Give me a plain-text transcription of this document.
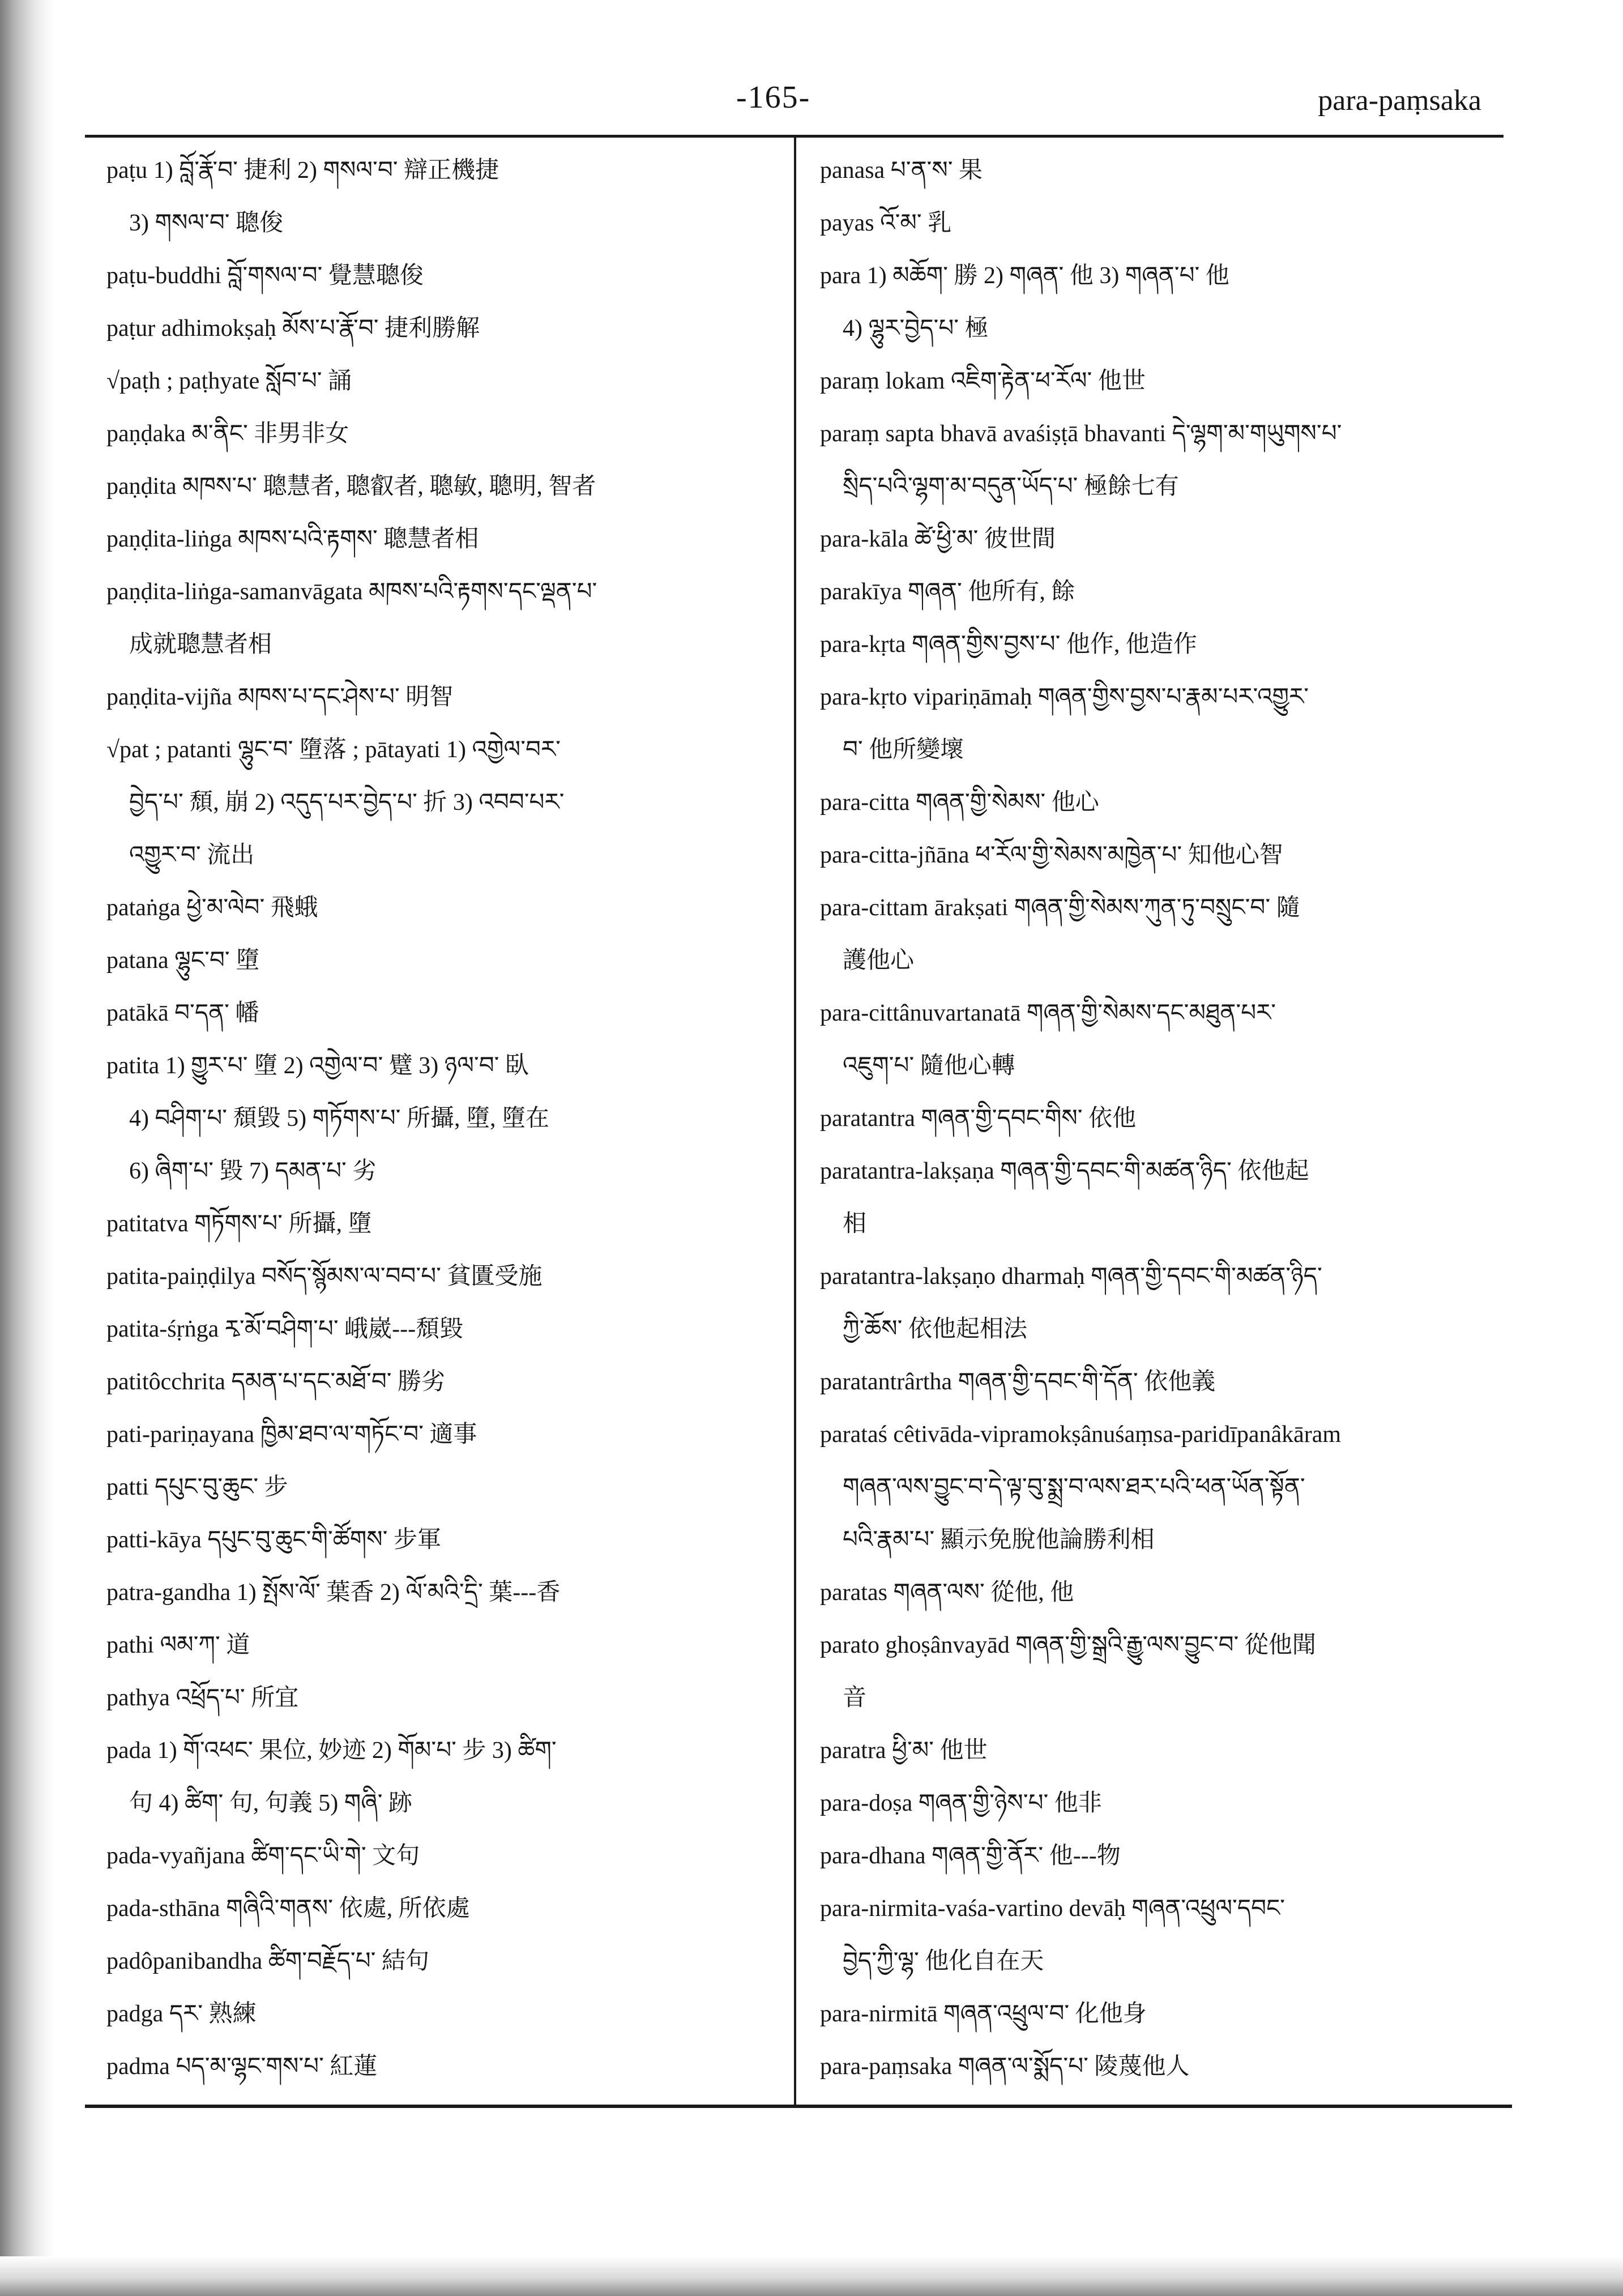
-165-	para-paṃsaka
paṭu 1) བློ་རྣོ་བ་ 捷利 2) གསལ་བ་ 辯正機捷
3) གསལ་བ་ 聰俊
paṭu-buddhi བློ་གསལ་བ་ 覺慧聰俊
paṭur adhimokṣaḥ མོས་པ་རྣོ་བ་ 捷利勝解
√paṭh ; paṭhyate སློབ་པ་ 誦
paṇḍaka མ་ནིང་ 非男非女
paṇḍita མཁས་པ་ 聰慧者, 聰叡者, 聰敏, 聰明, 智者
paṇḍita-liṅga མཁས་པའི་རྟགས་ 聰慧者相
paṇḍita-liṅga-samanvāgata མཁས་པའི་རྟགས་དང་ལྡན་པ་
成就聰慧者相
paṇḍita-vijña མཁས་པ་དང་ཤེས་པ་ 明智
√pat ; patanti ལྷུང་བ་ 墮落 ; pātayati 1) འགྱེལ་བར་
བྱེད་པ་ 頹, 崩 2) འདུད་པར་བྱེད་པ་ 折 3) འབབ་པར་
འགྱུར་བ་ 流出
pataṅga ཕྱེ་མ་ལེབ་ 飛蛾
patana ལྷུང་བ་ 墮
patākā བ་དན་ 幡
patita 1) གྱུར་པ་ 墮 2) འགྱེལ་བ་ 躄 3) ཉལ་བ་ 臥
4) བཤིག་པ་ 頹毀 5) གཏོགས་པ་ 所攝, 墮, 墮在
6) ཞིག་པ་ 毀 7) དམན་པ་ 劣
patitatva གཏོགས་པ་ 所攝, 墮
patita-paiṇḍilya བསོད་སྙོམས་ལ་བབ་པ་ 貧匱受施
patita-śṛṅga རྭ་མོ་བཤིག་པ་ 峨崴---頹毀
patitôcchrita དམན་པ་དང་མཐོ་བ་ 勝劣
pati-pariṇayana ཁྱིམ་ཐབ་ལ་གཏོང་བ་ 適事
patti དཔུང་བུ་ཆུང་ 步
patti-kāya དཔུང་བུ་ཆུང་གི་ཚོགས་ 步軍
patra-gandha 1) སྤོས་ལོ་ 葉香 2) ལོ་མའི་དྲི་ 葉---香
pathi ལམ་ཀ་ 道
pathya འཕྲོད་པ་ 所宜
pada 1) གོ་འཕང་ 果位, 妙迹 2) གོམ་པ་ 步 3) ཚིག་
句 4) ཚིག་ 句, 句義 5) གཞི་ 跡
pada-vyañjana ཚིག་དང་ཡི་གེ་ 文句
pada-sthāna གཞིའི་གནས་ 依處, 所依處
padôpanibandha ཚིག་བརྗོད་པ་ 結句
padga དར་ 熟練
padma པད་མ་ལྷང་གས་པ་ 紅蓮
panasa པ་ན་ས་ 果
payas འོ་མ་ 乳
para 1) མཆོག་ 勝 2) གཞན་ 他 3) གཞན་པ་ 他
4) ལྷུར་བྱེད་པ་ 極
paraṃ lokam འཇིག་རྟེན་ཕ་རོལ་ 他世
paraṃ sapta bhavā avaśiṣṭā bhavanti དེ་ལྷག་མ་གཡུགས་པ་
སྲིད་པའི་ལྷག་མ་བདུན་ཡོད་པ་ 極餘七有
para-kāla ཚེ་ཕྱི་མ་ 彼世間
parakīya གཞན་ 他所有, 餘
para-kṛta གཞན་གྱིས་བྱས་པ་ 他作, 他造作
para-kṛto vipariṇāmaḥ གཞན་གྱིས་བྱས་པ་རྣམ་པར་འགྱུར་
བ་ 他所變壞
para-citta གཞན་གྱི་སེམས་ 他心
para-citta-jñāna ཕ་རོལ་གྱི་སེམས་མཁྱེན་པ་ 知他心智
para-cittam ārakṣati གཞན་གྱི་སེམས་ཀུན་ཏུ་བསྲུང་བ་ 隨
護他心
para-cittânuvartanatā གཞན་གྱི་སེམས་དང་མཐུན་པར་
འཇུག་པ་ 隨他心轉
paratantra གཞན་གྱི་དབང་གིས་ 依他
paratantra-lakṣaṇa གཞན་གྱི་དབང་གི་མཚན་ཉིད་ 依他起
相
paratantra-lakṣaṇo dharmaḥ གཞན་གྱི་དབང་གི་མཚན་ཉིད་
ཀྱི་ཆོས་ 依他起相法
paratantrârtha གཞན་གྱི་དབང་གི་དོན་ 依他義
parataś cêtivāda-vipramokṣânuśaṃsa-paridīpanâkāram
གཞན་ལས་བྱུང་བ་དེ་ལྟ་བུ་སྨྲ་བ་ལས་ཐར་པའི་ཕན་ཡོན་སྟོན་
པའི་རྣམ་པ་ 顯示免脫他論勝利相
paratas གཞན་ལས་ 從他, 他
parato ghoṣânvayād གཞན་གྱི་སྒྲའི་རྒྱུ་ལས་བྱུང་བ་ 從他聞
音
paratra ཕྱི་མ་ 他世
para-doṣa གཞན་གྱི་ཉེས་པ་ 他非
para-dhana གཞན་གྱི་ནོར་ 他---物
para-nirmita-vaśa-vartino devāḥ གཞན་འཕྲུལ་དབང་
བྱེད་ཀྱི་ལྷ་ 他化自在天
para-nirmitā གཞན་འཕྲུལ་བ་ 化他身
para-paṃsaka གཞན་ལ་སྨོད་པ་ 陵蔑他人
